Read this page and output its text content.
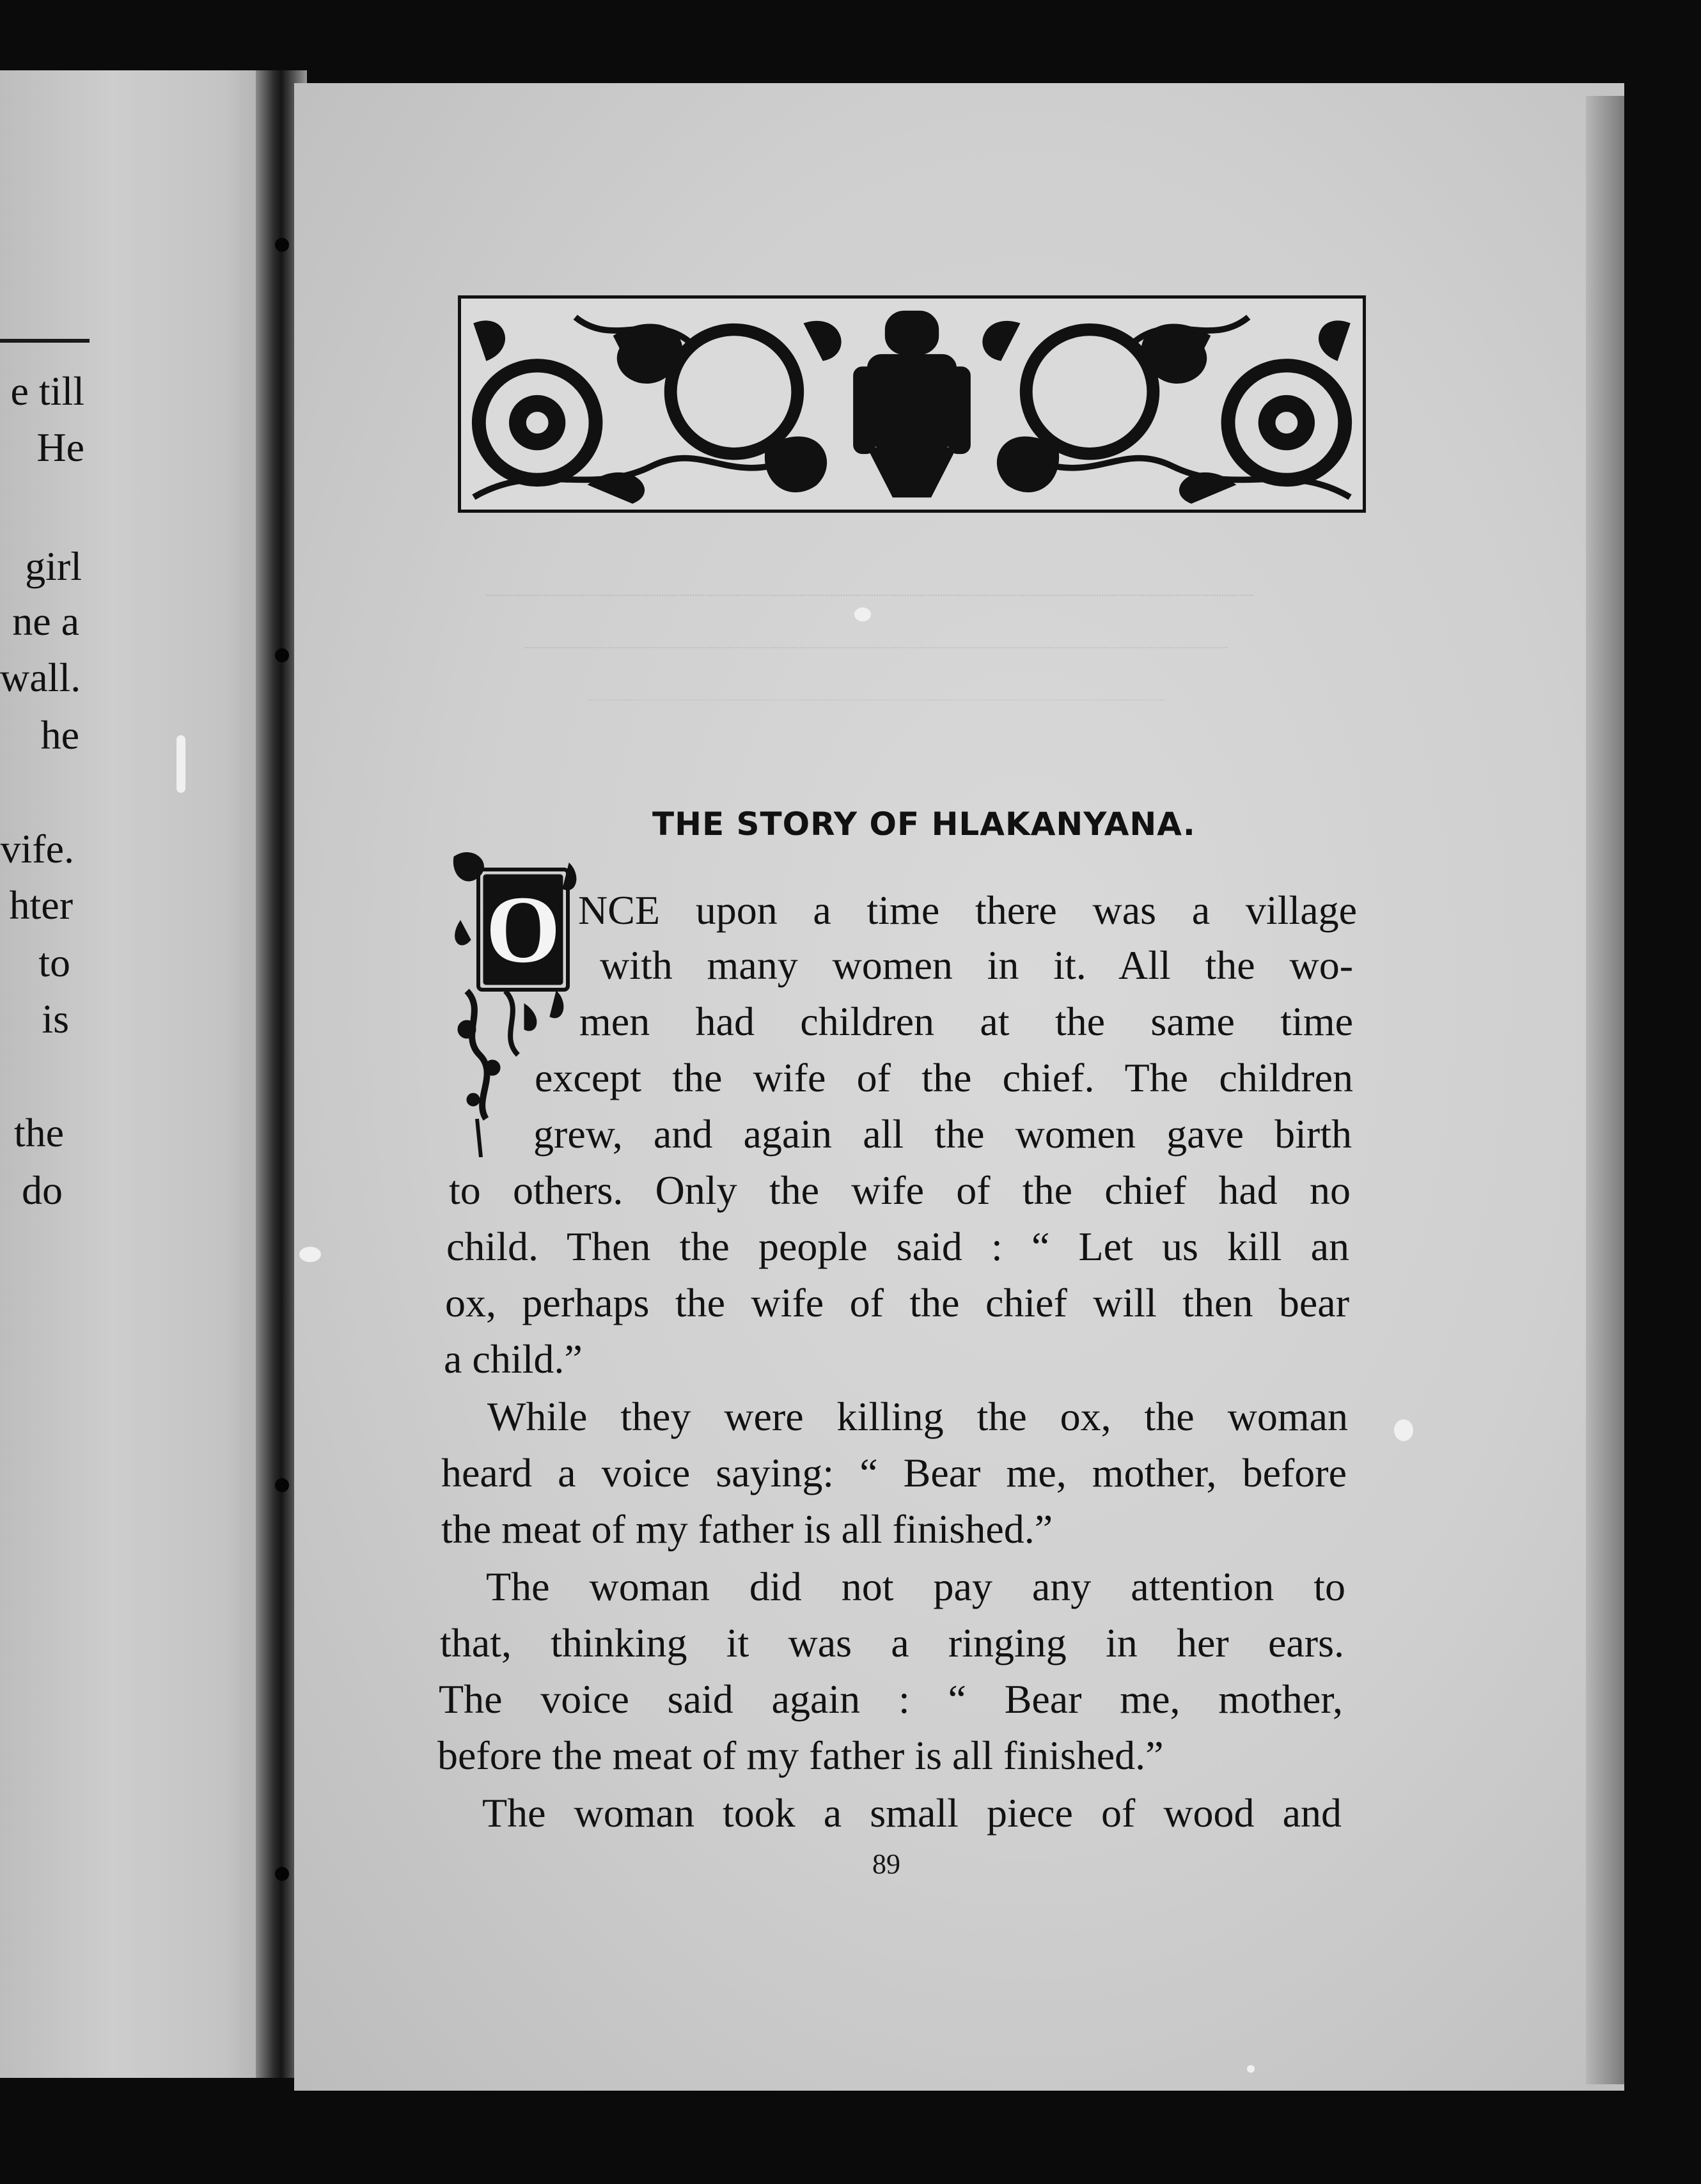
e till
He
girl
ne a
wall.
he
vife.
hter
to
is
the
do
THE STORY OF HLAKANYANA.
O NCE upon a time there was a village
with many women in it. All the wo-
men had children at the same time
except the wife of the chief. The children
grew, and again all the women gave birth
to others. Only the wife of the chief had no
child. Then the people said : “ Let us kill an
ox, perhaps the wife of the chief will then bear
a child.”
While they were killing the ox, the woman
heard a voice saying: “ Bear me, mother, before
the meat of my father is all finished.”
The woman did not pay any attention to
that, thinking it was a ringing in her ears.
The voice said again : “ Bear me, mother,
before the meat of my father is all finished.”
The woman took a small piece of wood and
89
